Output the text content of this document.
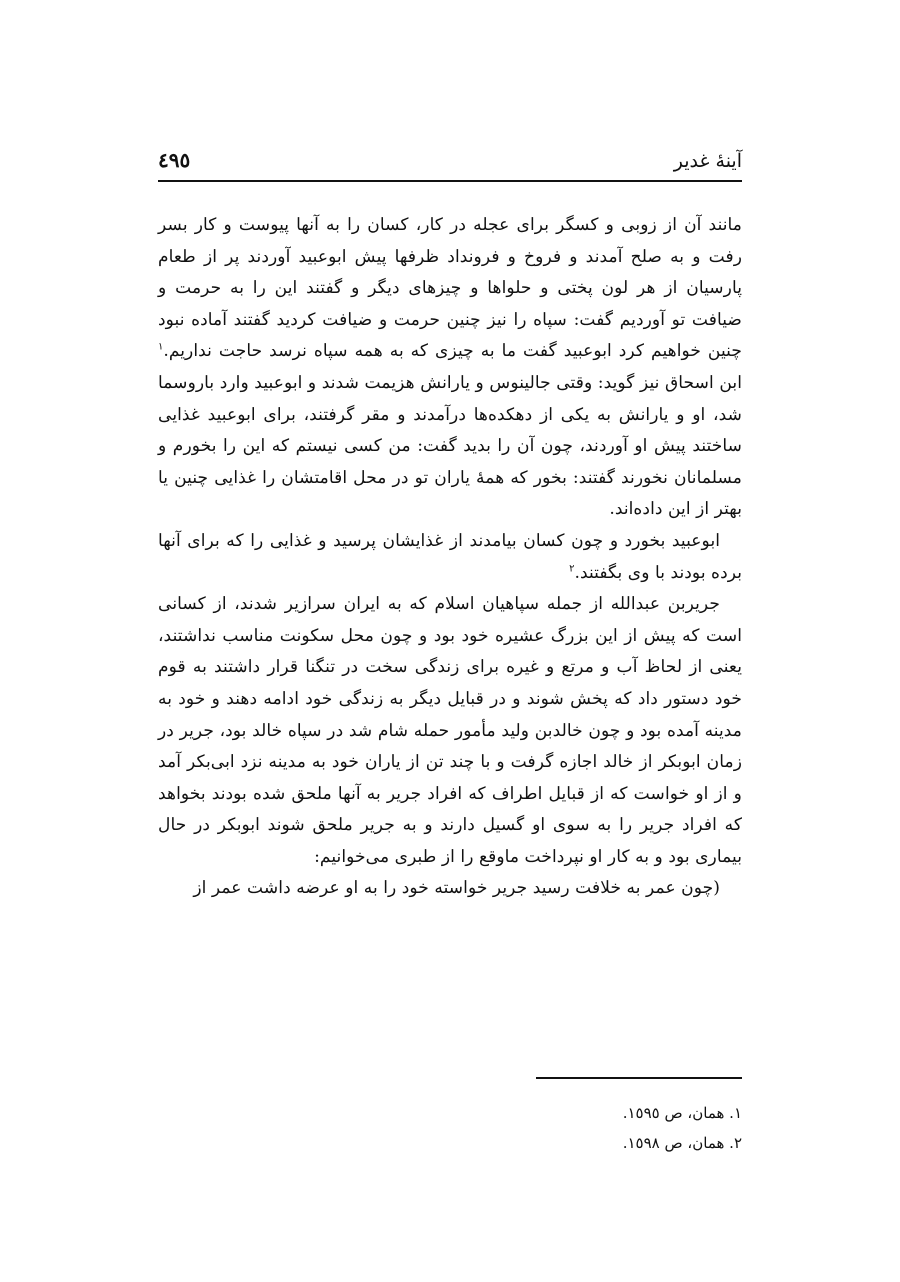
آینهٔ غدیر
٤٩٥

مانند آن از زوبی و کسگر برای عجله در کار، کسان را به آنها پیوست و کار بسر رفت و به صلح آمدند و فروخ و فرونداد ظرفها پیش ابوعبید آوردند پر از طعام پارسیان از هر لون پختی و حلواها و چیزهای دیگر و گفتند این را به حرمت و ضیافت تو آوردیم گفت: سپاه را نیز چنین حرمت و ضیافت کردید گفتند آماده نبود چنین خواهیم کرد ابوعبید گفت ما به چیزی که به همه سپاه نرسد حاجت نداریم.$^١$ ابن اسحاق نیز گوید: وقتی جالینوس و یارانش هزیمت شدند و ابوعبید وارد باروسما شد، او و یارانش به یکی از دهکده‌ها درآمدند و مقر گرفتند، برای ابوعبید غذایی ساختند پیش او آوردند، چون آن را بدید گفت: من کسی نیستم که این را بخورم و مسلمانان نخورند گفتند: بخور که همهٔ یاران تو در محل اقامتشان را غذایی چنین یا بهتر از این داده‌اند.

ابوعبید بخورد و چون کسان بیامدند از غذایشان پرسید و غذایی را که برای آنها برده بودند با وی بگفتند.$^٢$

جریربن عبدالله از جمله سپاهیان اسلام که به ایران سرازیر شدند، از کسانی است که پیش از این بزرگ عشیره خود بود و چون محل سکونت مناسب نداشتند، یعنی از لحاظ آب و مرتع و غیره برای زندگی سخت در تنگنا قرار داشتند به قوم خود دستور داد که پخش شوند و در قبایل دیگر به زندگی خود ادامه دهند و خود به مدینه آمده بود و چون خالدبن ولید مأمور حمله شام شد در سپاه خالد بود، جریر در زمان ابوبکر از خالد اجازه گرفت و با چند تن از یاران خود به مدینه نزد ابی‌بکر آمد و از او خواست که از قبایل اطراف که افراد جریر به آنها ملحق شده بودند بخواهد که افراد جریر را به سوی او گسیل دارند و به جریر ملحق شوند ابوبکر در حال بیماری بود و به کار او نپرداخت ماوقع را از طبری می‌خوانیم:

(چون عمر به خلافت رسید جریر خواسته خود را به او عرضه داشت عمر از

١. همان، ص ١٥٩٥.
٢. همان، ص ١٥٩٨.
